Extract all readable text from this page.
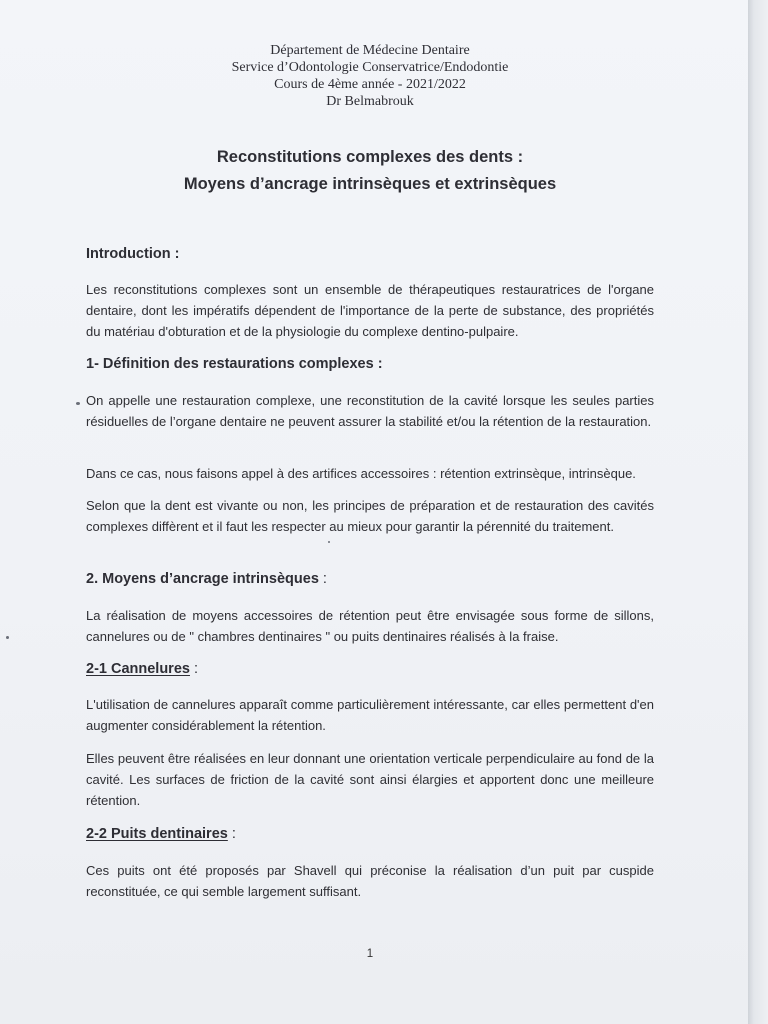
Département de Médecine Dentaire
Service d’Odontologie Conservatrice/Endodontie
Cours de 4ème année - 2021/2022
Dr Belmabrouk
Reconstitutions complexes des dents :
Moyens d’ancrage intrinsèques et extrinsèques
Introduction :
Les reconstitutions complexes sont un ensemble de thérapeutiques restauratrices de l'organe dentaire, dont les impératifs dépendent de l'importance de la perte de substance, des propriétés du matériau d'obturation et de la physiologie du complexe dentino-pulpaire.
1- Définition des restaurations complexes :
On appelle une restauration complexe, une reconstitution de la cavité lorsque les seules parties résiduelles de l’organe dentaire ne peuvent assurer la stabilité et/ou la rétention de la restauration.
Dans ce cas, nous faisons appel à des artifices accessoires : rétention extrinsèque, intrinsèque.
Selon que la dent est vivante ou non, les principes de préparation et de restauration des cavités complexes diffèrent et il faut les respecter au mieux pour garantir la pérennité du traitement.
2. Moyens d’ancrage intrinsèques :
La réalisation de moyens accessoires de rétention peut être envisagée sous forme de sillons, cannelures ou de " chambres dentinaires " ou puits dentinaires réalisés à la fraise.
2-1 Cannelures :
L'utilisation de cannelures apparaît comme particulièrement intéressante, car elles permettent d'en augmenter considérablement la rétention.
Elles peuvent être réalisées en leur donnant une orientation verticale perpendiculaire au fond de la cavité. Les surfaces de friction de la cavité sont ainsi élargies et apportent donc une meilleure rétention.
2-2 Puits dentinaires :
Ces puits ont été proposés par Shavell qui préconise la réalisation d’un puit par cuspide reconstituée, ce qui semble largement suffisant.
1
